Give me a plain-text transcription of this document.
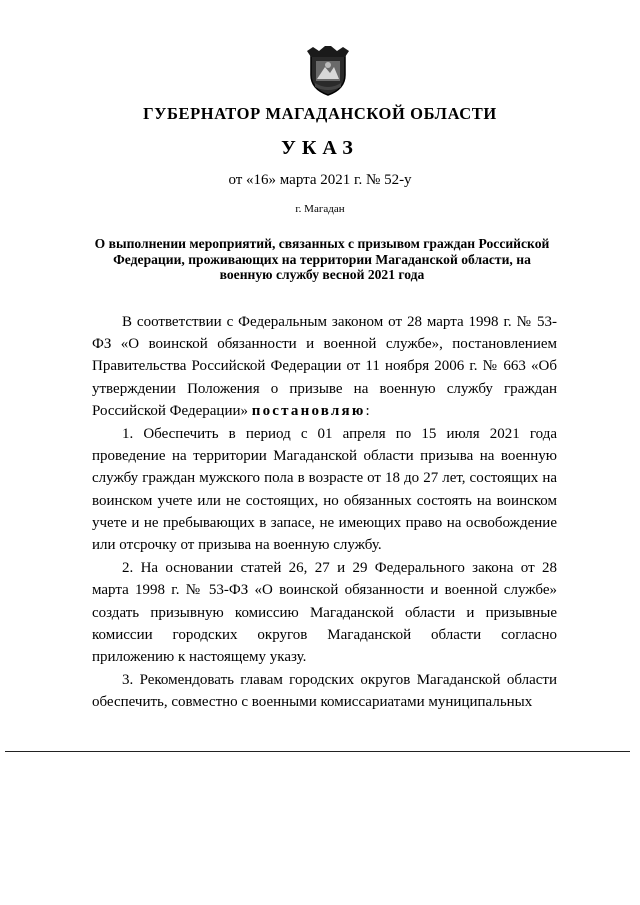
ГУБЕРНАТОР МАГАДАНСКОЙ ОБЛАСТИ
УКАЗ
от «16» марта 2021 г. № 52-у
г. Магадан
О выполнении мероприятий, связанных с призывом граждан Российской Федерации, проживающих на территории Магаданской области, на военную службу весной 2021 года

В соответствии с Федеральным законом от 28 марта 1998 г. № 53-ФЗ «О воинской обязанности и военной службе», постановлением Правительства Российской Федерации от 11 ноября 2006 г. № 663 «Об утверждении Положения о призыве на военную службу граждан Российской Федерации» постановляю:

1. Обеспечить в период с 01 апреля по 15 июля 2021 года проведение на территории Магаданской области призыва на военную службу граждан мужского пола в возрасте от 18 до 27 лет, состоящих на воинском учете или не состоящих, но обязанных состоять на воинском учете и не пребывающих в запасе, не имеющих право на освобождение или отсрочку от призыва на военную службу.

2. На основании статей 26, 27 и 29 Федерального закона от 28 марта 1998 г. № 53-ФЗ «О воинской обязанности и военной службе» создать призывную комиссию Магаданской области и призывные комиссии городских округов Магаданской области согласно приложению к настоящему указу.

3. Рекомендовать главам городских округов Магаданской области обеспечить, совместно с военными комиссариатами муниципальных
